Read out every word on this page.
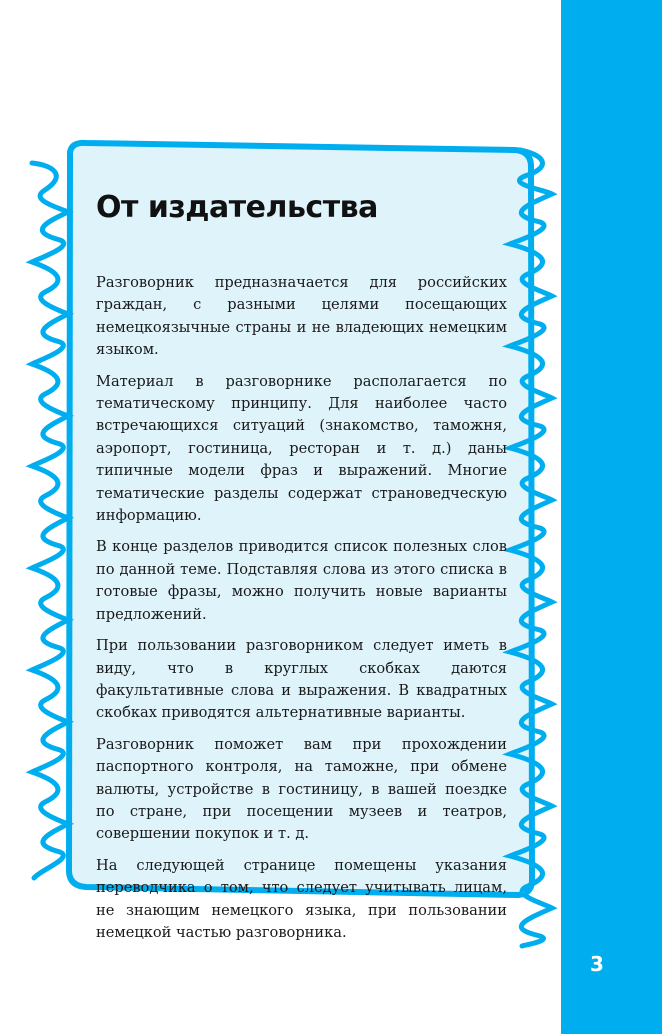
3
От издательства

Разговорник предназначается для российских граждан, с разными целями посещающих немецкоязычные страны и не владеющих немецким языком.

Материал в разговорнике располагается по тематическому принципу. Для наиболее часто встречающихся ситуаций (знакомство, таможня, аэропорт, гостиница, ресторан и т. д.) даны типичные модели фраз и выражений. Многие тематические разделы содержат страноведческую информацию.

В конце разделов приводится список полезных слов по данной теме. Подставляя слова из этого списка в готовые фразы, можно получить новые варианты предложений.

При пользовании разговорником следует иметь в виду, что в круглых скобках даются факультативные слова и выражения. В квадратных скобках приводятся альтернативные варианты.

Разговорник поможет вам при прохождении паспортного контроля, на таможне, при обмене валюты, устройстве в гостиницу, в вашей поездке по стране, при посещении музеев и театров, совершении покупок и т. д.

На следующей странице помещены указания переводчика о том, что следует учитывать лицам, не знающим немецкого языка, при пользовании немецкой частью разговорника.
